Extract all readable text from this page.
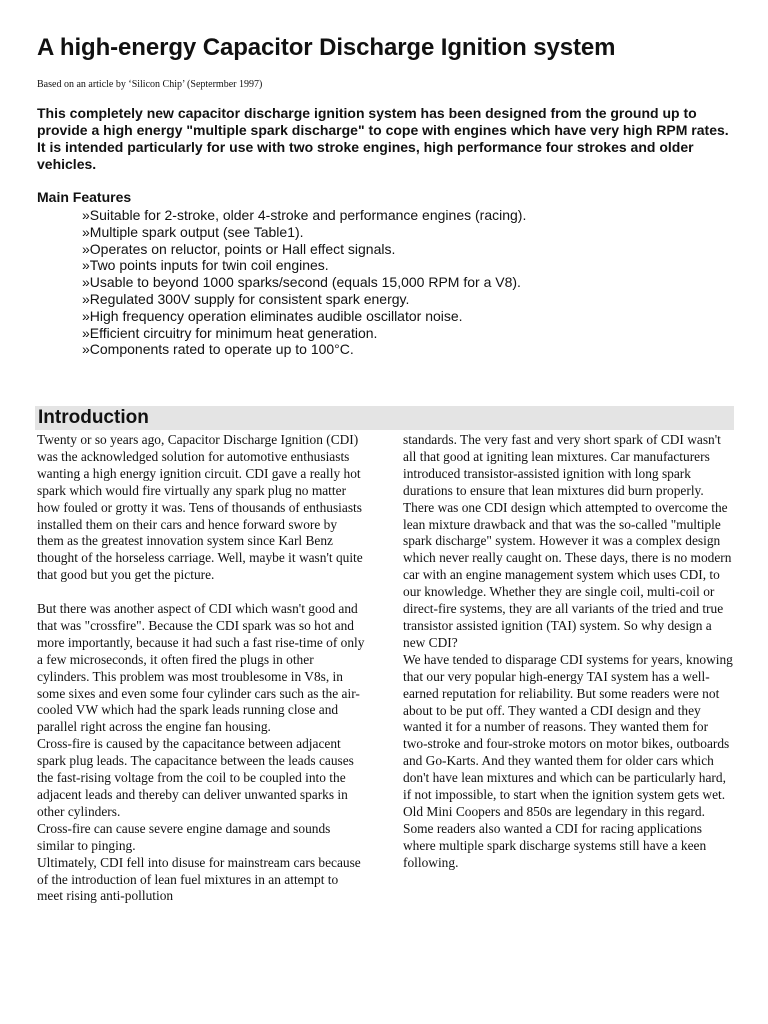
A high-energy Capacitor Discharge Ignition system
Based on an article by ‘Silicon Chip’ (Septermber 1997)

This completely new capacitor discharge ignition system has been designed from the ground up to provide a high energy "multiple spark discharge" to cope with engines which have very high RPM rates. It is intended particularly for use with two stroke engines, high performance four strokes and older vehicles.

Main Features
»Suitable for 2-stroke, older 4-stroke and performance engines (racing).
»Multiple spark output (see Table1).
»Operates on reluctor, points or Hall effect signals.
»Two points inputs for twin coil engines.
»Usable to beyond 1000 sparks/second (equals 15,000 RPM for a V8).
»Regulated 300V supply for consistent spark energy.
»High frequency operation eliminates audible oscillator noise.
»Efficient circuitry for minimum heat generation.
»Components rated to operate up to 100°C.
Introduction

Twenty or so years ago, Capacitor Discharge Ignition (CDI) was the acknowledged solution for automotive enthusiasts wanting a high energy ignition circuit. CDI gave a really hot spark which would fire virtually any spark plug no matter how fouled or grotty it was. Tens of thousands of enthusiasts installed them on their cars and hence forward swore by them as the greatest innovation system since Karl Benz thought of the horseless carriage. Well, maybe it wasn't quite that good but you get the picture.

But there was another aspect of CDI which wasn't good and that was "crossfire". Because the CDI spark was so hot and more importantly, because it had such a fast rise-time of only a few microseconds, it often fired the plugs in other cylinders. This problem was most troublesome in V8s, in some sixes and even some four cylinder cars such as the air-cooled VW which had the spark leads running close and parallel right across the engine fan housing.

Cross-fire is caused by the capacitance between adjacent spark plug leads. The capacitance between the leads causes the fast-rising voltage from the coil to be coupled into the adjacent leads and thereby can deliver unwanted sparks in other cylinders.

Cross-fire can cause severe engine damage and sounds similar to pinging.

Ultimately, CDI fell into disuse for mainstream cars because of the introduction of lean fuel mixtures in an attempt to meet rising anti-pollution

standards. The very fast and very short spark of CDI wasn't all that good at igniting lean mixtures. Car manufacturers introduced transistor-assisted ignition with long spark durations to ensure that lean mixtures did burn properly. There was one CDI design which attempted to overcome the lean mixture drawback and that was the so-called "multiple spark discharge" system. However it was a complex design which never really caught on. These days, there is no modern car with an engine management system which uses CDI, to our knowledge. Whether they are single coil, multi-coil or direct-fire systems, they are all variants of the tried and true transistor assisted ignition (TAI) system. So why design a new CDI?

We have tended to disparage CDI systems for years, knowing that our very popular high-energy TAI system has a well-earned reputation for reliability. But some readers were not about to be put off. They wanted a CDI design and they wanted it for a number of reasons. They wanted them for two-stroke and four-stroke motors on motor bikes, outboards and Go-Karts. And they wanted them for older cars which don't have lean mixtures and which can be particularly hard, if not impossible, to start when the ignition system gets wet. Old Mini Coopers and 850s are legendary in this regard.

Some readers also wanted a CDI for racing applications where multiple spark discharge systems still have a keen following.
